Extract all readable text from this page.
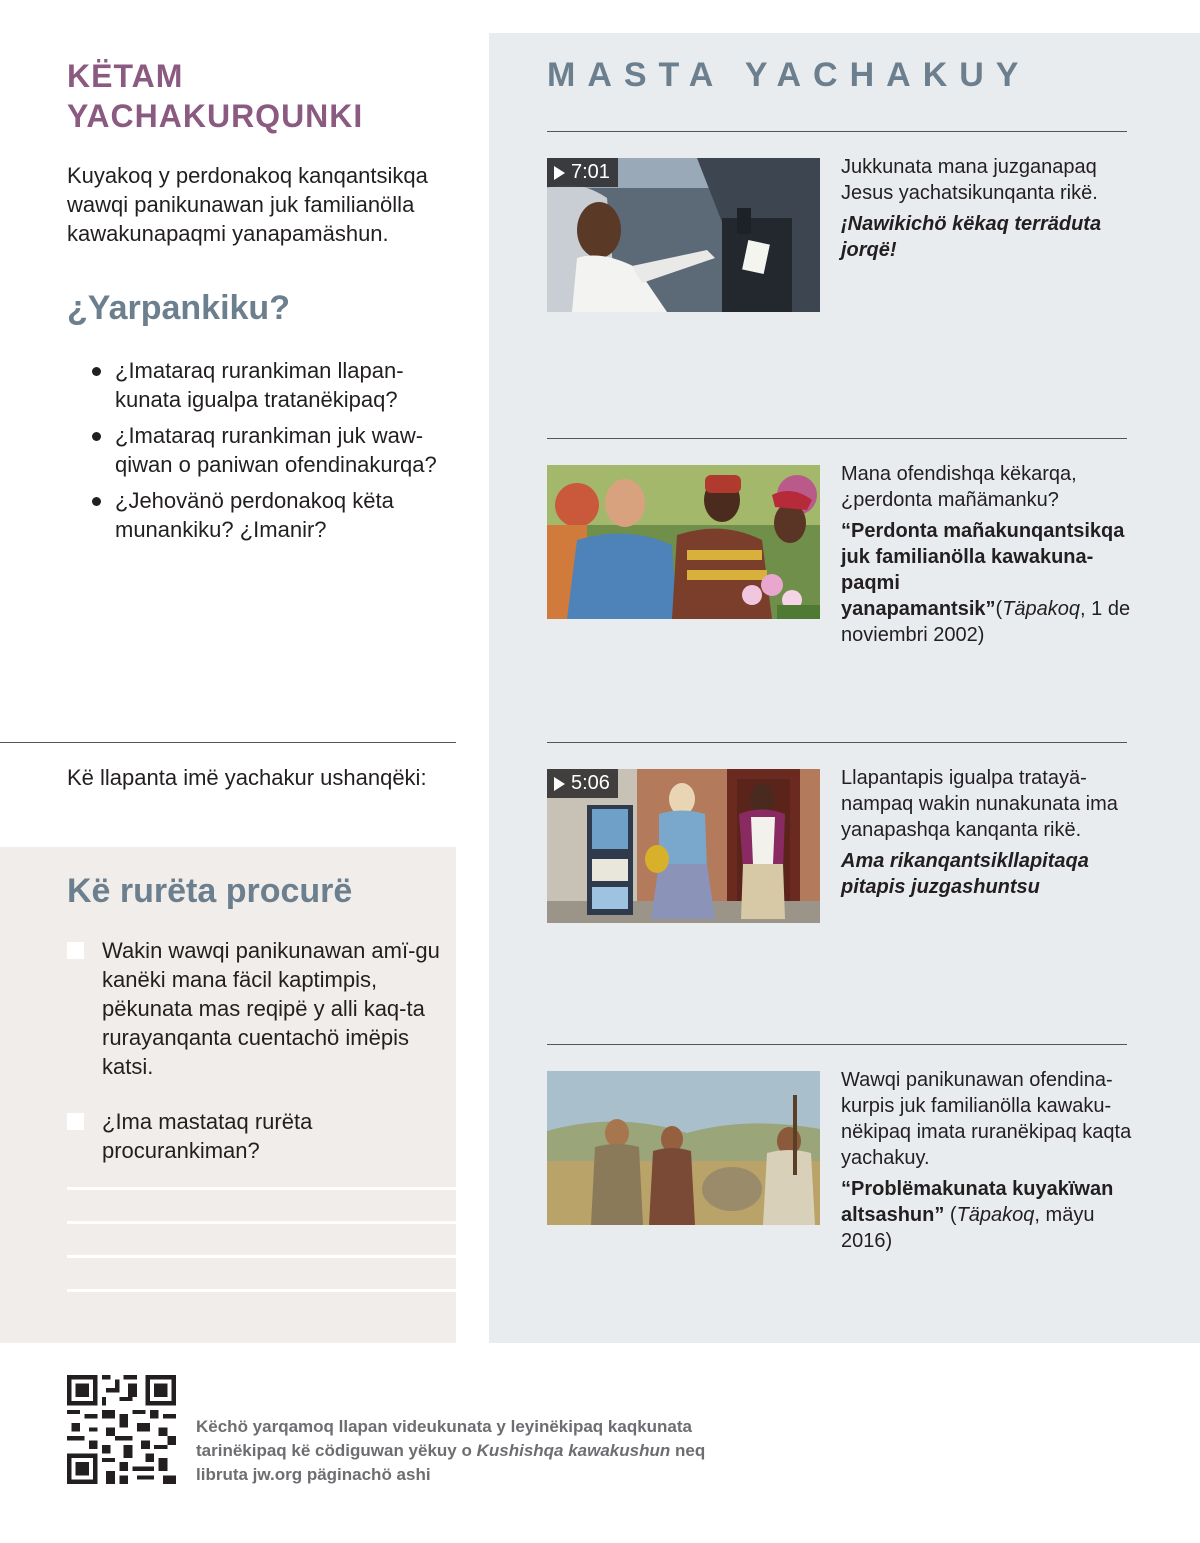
KËTAM YACHAKURQUNKI

Kuyakoq y perdonakoq kanqantsikqa wawqi panikunawan juk familianölla kawakunapaqmi yanapamäshun.

¿Yarpankiku?
¿Imataraq rurankiman llapan-kunata igualpa tratanëkipaq?
¿Imataraq rurankiman juk waw-qiwan o paniwan ofendinakurqa?
¿Jehovänö perdonakoq këta munankiku? ¿Imanir?

Kë llapanta imë yachakur ushanqëki:

Kë rurëta procurë

Wakin wawqi panikunawan amï-gu kanëki mana fäcil kaptimpis, pëkunata mas reqipë y alli kaq-ta rurayanqanta cuentachö imëpis katsi.

¿Ima mastataq rurëta procurankiman?

MASTA YACHAKUY
7:01	Jukkunata mana juzganapaq Jesus yachatsikunqanta rikë.
¡Nawikichö këkaq terräduta jorqë!
Mana ofendishqa këkarqa, ¿perdonta mañämanku?
“Perdonta mañakunqantsikqa juk familianölla kawakuna-paqmi yanapamantsik”(Täpakoq, 1 de noviembri 2002)
5:06	Llapantapis igualpa tratayä-nampaq wakin nunakunata ima yanapashqa kanqanta rikë.
Ama rikanqantsikllapitaqa pitapis juzgashuntsu
Wawqi panikunawan ofendina-kurpis juk familianölla kawaku-nëkipaq imata ruranëkipaq kaqta yachakuy.
“Problëmakunata kuyakïwan altsashun” (Täpakoq, mäyu 2016)

Këchö yarqamoq llapan videukunata y leyinëkipaq kaqkunata tarinëkipaq kë cödiguwan yëkuy o Kushishqa kawakushun neq libruta jw.org päginachö ashi
